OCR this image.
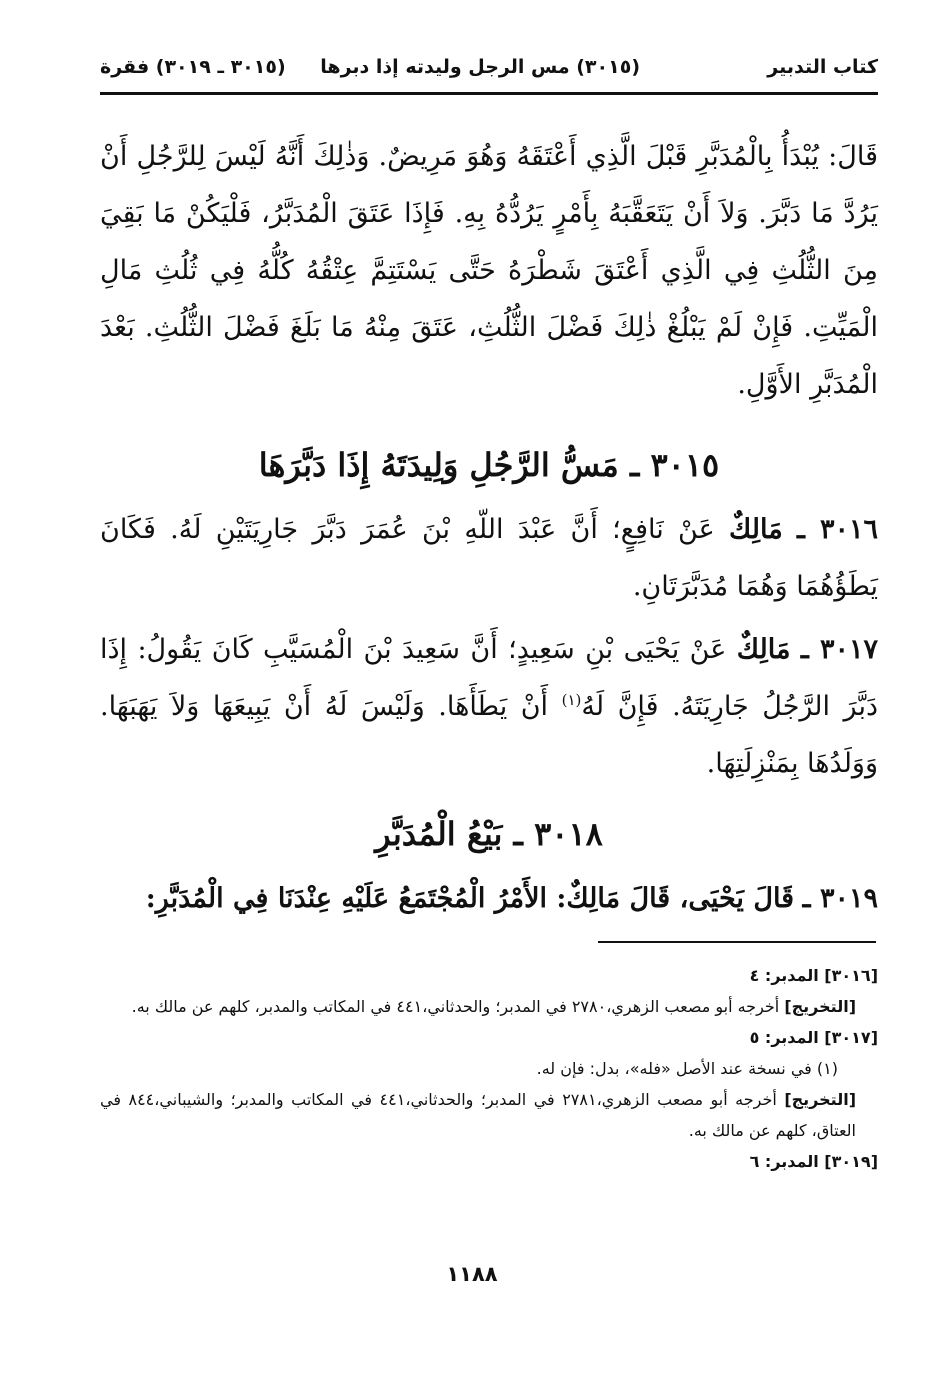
كتاب التدبير
(٣٠١٥) مس الرجل وليدته إذا دبرها
(٣٠١٥ ـ ٣٠١٩) فقرة

قَالَ: يُبْدَأُ بِالْمُدَبَّرِ قَبْلَ الَّذِي أَعْتَقَهُ وَهُوَ مَرِيضٌ. وَذٰلِكَ أَنَّهُ لَيْسَ لِلرَّجُلِ أَنْ يَرُدَّ مَا دَبَّرَ. وَلاَ أَنْ يَتَعَقَّبَهُ بِأَمْرٍ يَرُدُّهُ بِهِ. فَإِذَا عَتَقَ الْمُدَبَّرُ، فَلْيَكُنْ مَا بَقِيَ مِنَ الثُّلُثِ فِي الَّذِي أَعْتَقَ شَطْرَهُ حَتَّى يَسْتَتِمَّ عِتْقُهُ كُلُّهُ فِي ثُلُثِ مَالِ الْمَيِّتِ. فَإِنْ لَمْ يَبْلُغْ ذٰلِكَ فَضْلَ الثُّلُثِ، عَتَقَ مِنْهُ مَا بَلَغَ فَضْلَ الثُّلُثِ. بَعْدَ الْمُدَبَّرِ الأَوَّلِ.

٣٠١٥ ـ مَسُّ الرَّجُلِ وَلِيدَتَهُ إِذَا دَبَّرَهَا

٣٠١٦ ـ مَالِكٌ عَنْ نَافِعٍ؛ أَنَّ عَبْدَ اللّهِ بْنَ عُمَرَ دَبَّرَ جَارِيَتَيْنِ لَهُ. فَكَانَ يَطَؤُهُمَا وَهُمَا مُدَبَّرَتَانِ.

٣٠١٧ ـ مَالِكٌ عَنْ يَحْيَى بْنِ سَعِيدٍ؛ أَنَّ سَعِيدَ بْنَ الْمُسَيَّبِ كَانَ يَقُولُ: إِذَا دَبَّرَ الرَّجُلُ جَارِيَتَهُ. فَإِنَّ لَهُ$^{(١)}$ أَنْ يَطَأَهَا. وَلَيْسَ لَهُ أَنْ يَبِيعَهَا وَلاَ يَهَبَهَا. وَوَلَدُهَا بِمَنْزِلَتِهَا.

٣٠١٨ ـ بَيْعُ الْمُدَبَّرِ

٣٠١٩ ـ قَالَ يَحْيَى، قَالَ مَالِكٌ: الأَمْرُ الْمُجْتَمَعُ عَلَيْهِ عِنْدَنَا فِي الْمُدَبَّرِ:

[٣٠١٦] المدبر: ٤

[التخريج] أخرجه أبو مصعب الزهري،٢٧٨٠ في المدبر؛ والحدثاني،٤٤١ في المكاتب والمدبر، كلهم عن مالك به.

[٣٠١٧] المدبر: ٥

(١) في نسخة عند الأصل «فله»، بدل: فإن له.

[التخريج] أخرجه أبو مصعب الزهري،٢٧٨١ في المدبر؛ والحدثاني،٤٤١ في المكاتب والمدبر؛ والشيباني،٨٤٤ في العتاق، كلهم عن مالك به.

[٣٠١٩] المدبر: ٦

١١٨٨
